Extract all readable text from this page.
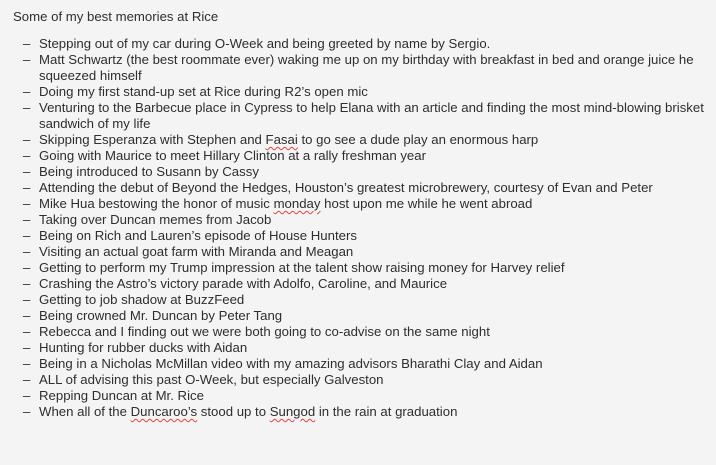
Some of my best memories at Rice

– Stepping out of my car during O-Week and being greeted by name by Sergio.
– Matt Schwartz (the best roommate ever) waking me up on my birthday with breakfast in bed and orange juice he squeezed himself
– Doing my first stand-up set at Rice during R2’s open mic
– Venturing to the Barbecue place in Cypress to help Elana with an article and finding the most mind-blowing brisket sandwich of my life
– Skipping Esperanza with Stephen and Fasai to go see a dude play an enormous harp
– Going with Maurice to meet Hillary Clinton at a rally freshman year
– Being introduced to Susann by Cassy
– Attending the debut of Beyond the Hedges, Houston’s greatest microbrewery, courtesy of Evan and Peter
– Mike Hua bestowing the honor of music monday host upon me while he went abroad
– Taking over Duncan memes from Jacob
– Being on Rich and Lauren’s episode of House Hunters
– Visiting an actual goat farm with Miranda and Meagan
– Getting to perform my Trump impression at the talent show raising money for Harvey relief
– Crashing the Astro’s victory parade with Adolfo, Caroline, and Maurice
– Getting to job shadow at BuzzFeed
– Being crowned Mr. Duncan by Peter Tang
– Rebecca and I finding out we were both going to co-advise on the same night
– Hunting for rubber ducks with Aidan
– Being in a Nicholas McMillan video with my amazing advisors Bharathi Clay and Aidan
– ALL of advising this past O-Week, but especially Galveston
– Repping Duncan at Mr. Rice
– When all of the Duncaroo’s stood up to Sungod in the rain at graduation
